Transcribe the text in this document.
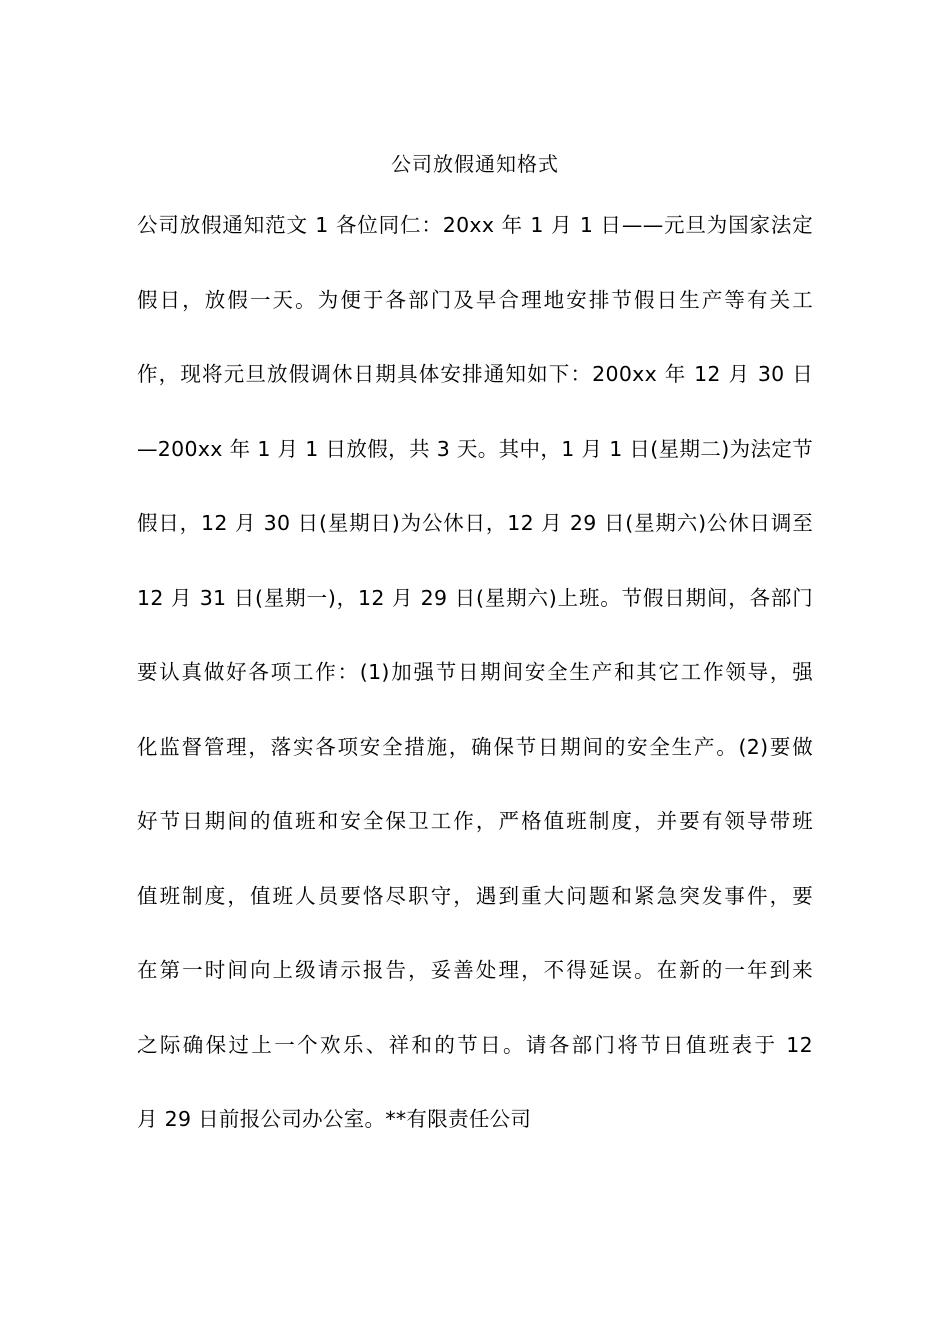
公司放假通知格式
公司放假通知范文 1 各位同仁：20xx 年 1 月 1 日——元旦为国家法定
假日，放假一天。为便于各部门及早合理地安排节假日生产等有关工
作，现将元旦放假调休日期具体安排通知如下：200xx 年 12 月 30 日
—200xx 年 1 月 1 日放假，共 3 天。其中，1 月 1 日(星期二)为法定节
假日，12 月 30 日(星期日)为公休日，12 月 29 日(星期六)公休日调至
12 月 31 日(星期一)，12 月 29 日(星期六)上班。节假日期间，各部门
要认真做好各项工作：(1)加强节日期间安全生产和其它工作领导，强
化监督管理，落实各项安全措施，确保节日期间的安全生产。(2)要做
好节日期间的值班和安全保卫工作，严格值班制度，并要有领导带班
值班制度，值班人员要恪尽职守，遇到重大问题和紧急突发事件，要
在第一时间向上级请示报告，妥善处理，不得延误。在新的一年到来
之际确保过上一个欢乐、祥和的节日。请各部门将节日值班表于 12
月 29 日前报公司办公室。**有限责任公司
